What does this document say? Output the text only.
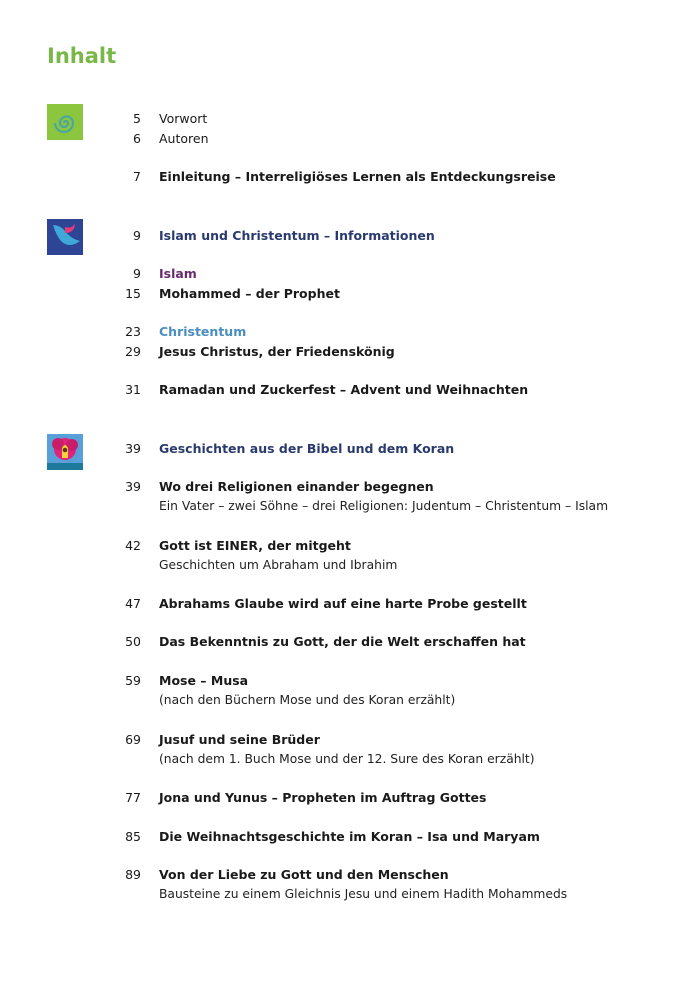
Inhalt
5 Vorwort
6 Autoren
7 Einleitung – Interreligiöses Lernen als Entdeckungsreise
9 Islam und Christentum – Informationen
9 Islam
15 Mohammed – der Prophet
23 Christentum
29 Jesus Christus, der Friedenskönig
31 Ramadan und Zuckerfest – Advent und Weihnachten
39 Geschichten aus der Bibel und dem Koran
39 Wo drei Religionen einander begegnen
Ein Vater – zwei Söhne – drei Religionen: Judentum – Christentum – Islam
42 Gott ist EINER, der mitgeht
Geschichten um Abraham und Ibrahim
47 Abrahams Glaube wird auf eine harte Probe gestellt
50 Das Bekenntnis zu Gott, der die Welt erschaffen hat
59 Mose – Musa
(nach den Büchern Mose und des Koran erzählt)
69 Jusuf und seine Brüder
(nach dem 1. Buch Mose und der 12. Sure des Koran erzählt)
77 Jona und Yunus – Propheten im Auftrag Gottes
85 Die Weihnachtsgeschichte im Koran – Isa und Maryam
89 Von der Liebe zu Gott und den Menschen
Bausteine zu einem Gleichnis Jesu und einem Hadith Mohammeds
